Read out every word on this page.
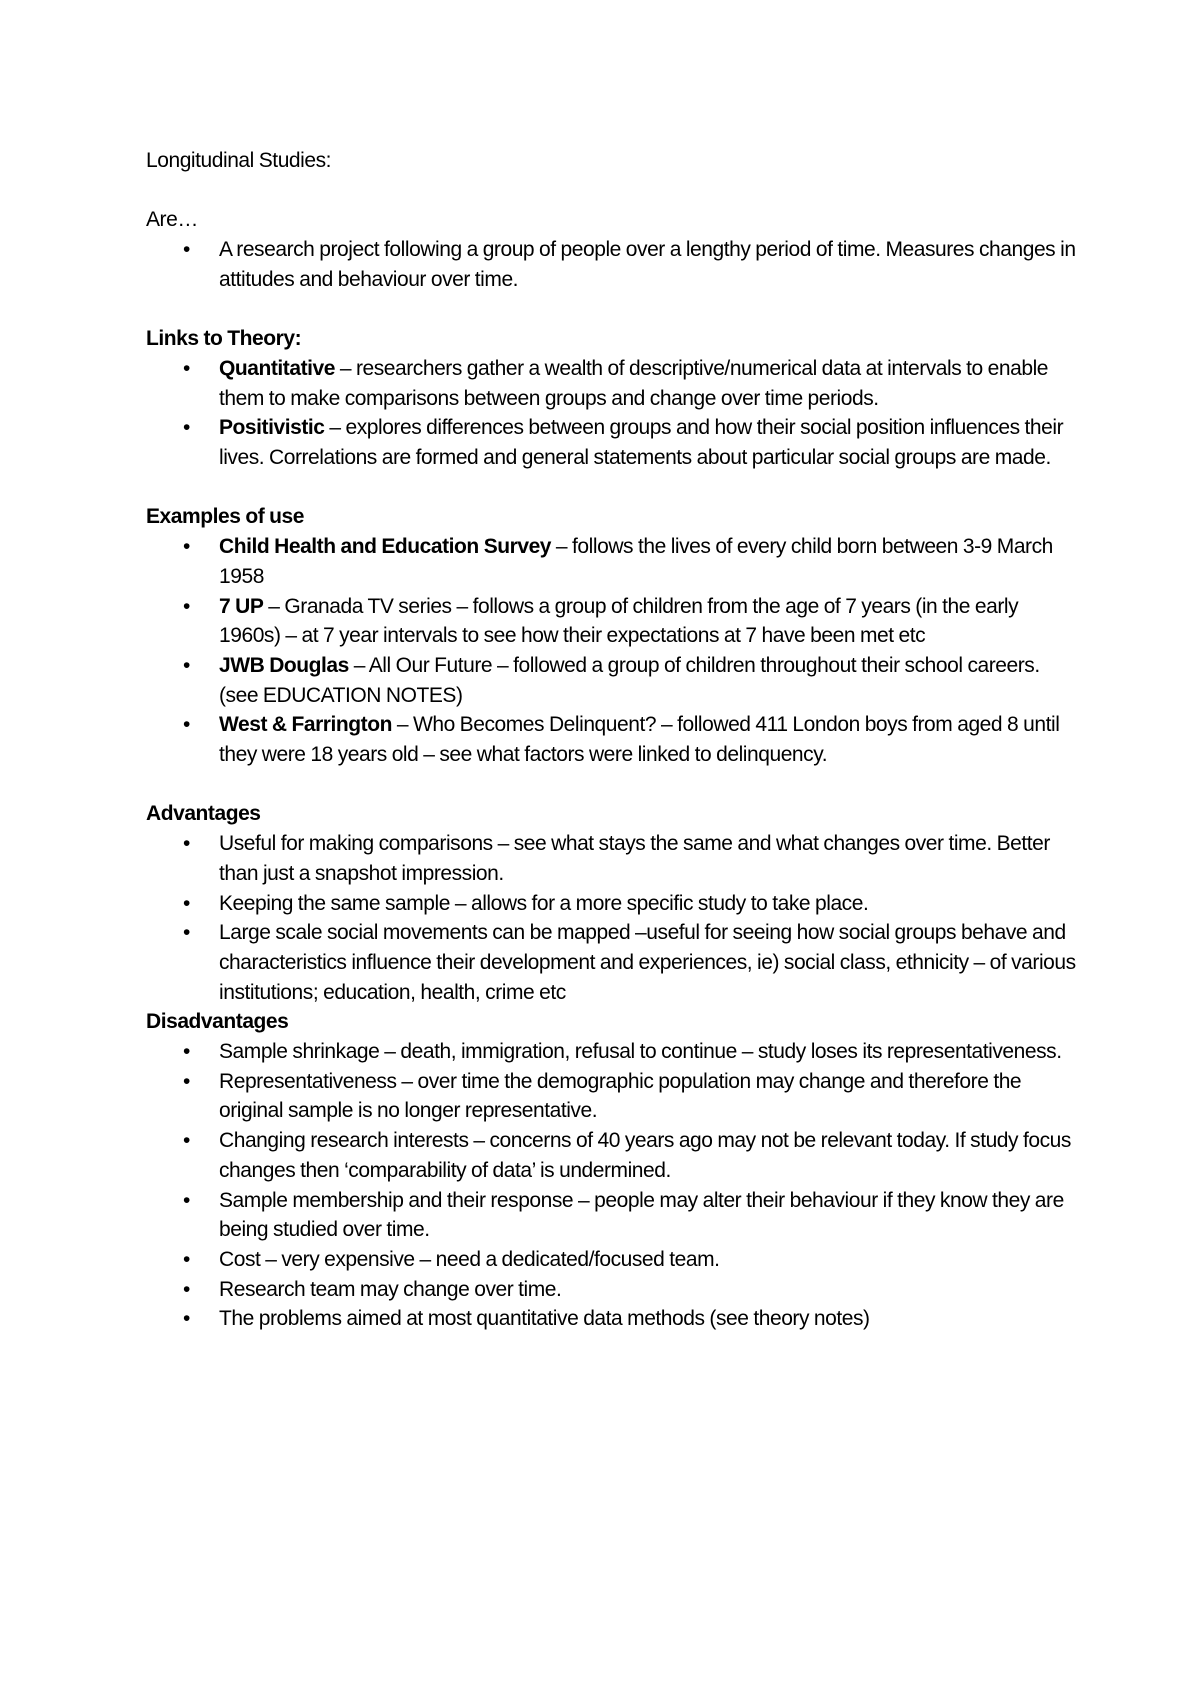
Longitudinal Studies:

Are…

• A research project following a group of people over a lengthy period of time. Measures changes in attitudes and behaviour over time.

Links to Theory:

• Quantitative – researchers gather a wealth of descriptive/numerical data at intervals to enable them to make comparisons between groups and change over time periods.
• Positivistic – explores differences between groups and how their social position influences their lives. Correlations are formed and general statements about particular social groups are made.

Examples of use

• Child Health and Education Survey – follows the lives of every child born between 3-9 March 1958
• 7 UP – Granada TV series – follows a group of children from the age of 7 years (in the early 1960s) – at 7 year intervals to see how their expectations at 7 have been met etc
• JWB Douglas – All Our Future – followed a group of children throughout their school careers. (see EDUCATION NOTES)
• West & Farrington – Who Becomes Delinquent? – followed 411 London boys from aged 8 until they were 18 years old – see what factors were linked to delinquency.

Advantages

• Useful for making comparisons – see what stays the same and what changes over time. Better than just a snapshot impression.
• Keeping the same sample – allows for a more specific study to take place.
• Large scale social movements can be mapped –useful for seeing how social groups behave and characteristics influence their development and experiences, ie) social class, ethnicity – of various institutions; education, health, crime etc

Disadvantages

• Sample shrinkage – death, immigration, refusal to continue – study loses its representativeness.
• Representativeness – over time the demographic population may change and therefore the original sample is no longer representative.
• Changing research interests – concerns of 40 years ago may not be relevant today. If study focus changes then ‘comparability of data’ is undermined.
• Sample membership and their response – people may alter their behaviour if they know they are being studied over time.
• Cost – very expensive – need a dedicated/focused team.
• Research team may change over time.
• The problems aimed at most quantitative data methods (see theory notes)
